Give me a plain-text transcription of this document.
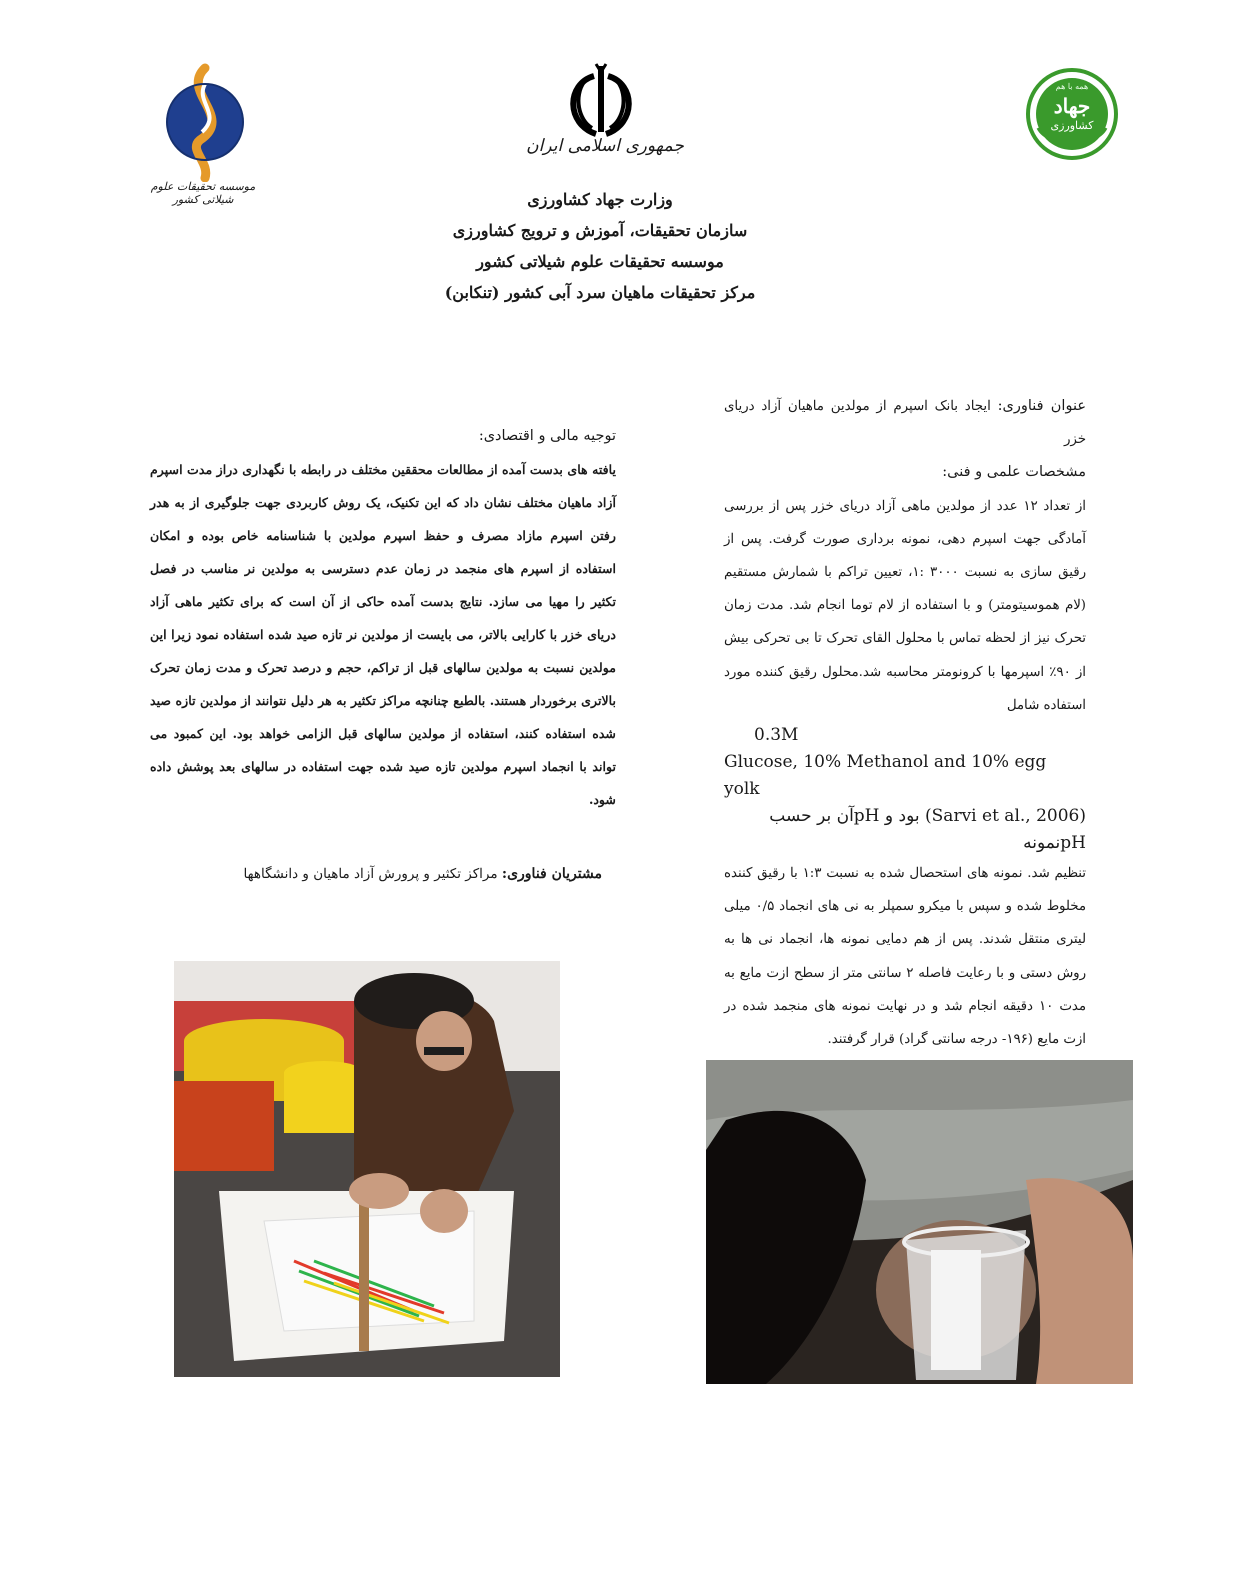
موسسه تحقیقات علوم شیلاتی کشور
جمهوری اسلامی ایران
جهاد
کشاورزی
همه با هم
وزارت جهاد کشاورزی
سازمان تحقیقات، آموزش و ترویج کشاورزی
موسسه تحقیقات علوم شیلاتی کشور
مرکز تحقیقات ماهیان سرد آبی کشور (تنکابن)

عنوان فناوری: ایجاد بانک اسپرم از مولدین ماهیان آزاد دریای خزر

مشخصات علمی و فنی:

از تعداد ۱۲ عدد از مولدین ماهی آزاد دریای خزر پس از بررسی آمادگی جهت اسپرم دهی، نمونه برداری صورت گرفت. پس از رقیق سازی به نسبت ۳۰۰۰ :۱، تعیین تراکم با شمارش مستقیم (لام هموسیتومتر) و با استفاده از لام توما انجام شد. مدت زمان تحرک نیز از لحظه تماس با محلول القای تحرک تا بی تحرکی بیش از ۹۰٪ اسپرمها با کرونومتر محاسبه شد.محلول رقیق کننده مورد استفاده شامل

0.3M
Glucose, 10% Methanol and 10% egg yolk
(Sarvi et al., 2006) بود و pHآن بر حسب pHنمونه

تنظیم شد. نمونه های استحصال شده به نسبت ۱:۳ با رقیق کننده مخلوط شده و سپس با میکرو سمپلر به نی های انجماد ۰/۵ میلی لیتری منتقل شدند. پس از هم دمایی نمونه ها، انجماد نی ها به روش دستی و با رعایت فاصله ۲ سانتی متر از سطح ازت مایع به مدت ۱۰ دقیقه انجام شد و در نهایت نمونه های منجمد شده در ازت مایع (۱۹۶- درجه سانتی گراد) قرار گرفتند.

توجیه مالی و اقتصادی:

یافته های بدست آمده از مطالعات محققین مختلف در رابطه با نگهداری دراز مدت اسپرم آزاد ماهیان مختلف نشان داد که این تکنیک، یک روش کاربردی جهت جلوگیری از به هدر رفتن اسپرم مازاد مصرف و حفظ اسپرم مولدین با شناسنامه خاص بوده و امکان استفاده از اسپرم های منجمد در زمان عدم دسترسی به مولدین نر مناسب در فصل تکثیر را مهیا می سازد. نتایج بدست آمده حاکی از آن است که برای تکثیر ماهی آزاد دریای خزر با کارایی بالاتر، می بایست از مولدین نر تازه صید شده استفاده نمود زیرا این مولدین نسبت به مولدین سالهای قبل از تراکم، حجم و درصد تحرک و مدت زمان تحرک بالاتری برخوردار هستند. بالطبع چنانچه مراکز تکثیر به هر دلیل نتوانند از مولدین تازه صید شده استفاده کنند، استفاده از مولدین سالهای قبل الزامی خواهد بود. این کمبود می تواند با انجماد اسپرم مولدین تازه صید شده جهت استفاده در سالهای بعد پوشش داده شود.

مشتریان فناوری: مراکز تکثیر و پرورش آزاد ماهیان و دانشگاهها
